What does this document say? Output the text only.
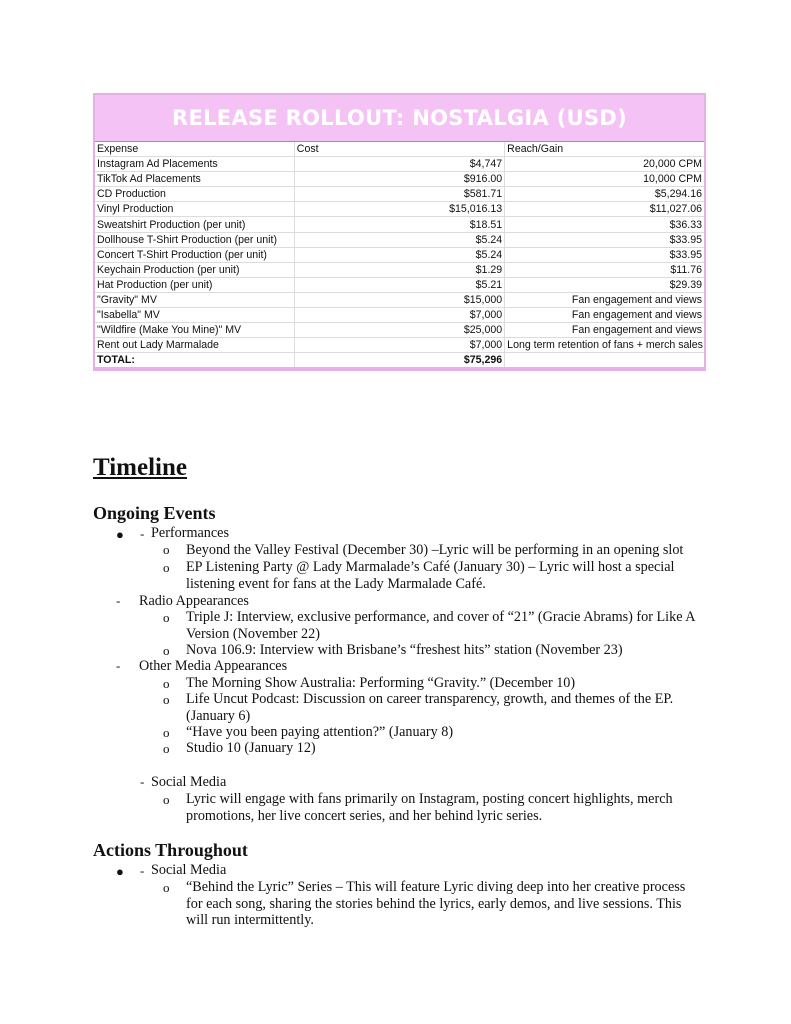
RELEASE ROLLOUT: NOSTALGIA (USD)
Expense	Cost	Reach/Gain
Instagram Ad Placements	$4,747	20,000 CPM
TikTok Ad Placements	$916.00	10,000 CPM
CD Production	$581.71	$5,294.16
Vinyl Production	$15,016.13	$11,027.06
Sweatshirt Production (per unit)	$18.51	$36.33
Dollhouse T-Shirt Production (per unit)	$5.24	$33.95
Concert T-Shirt Production (per unit)	$5.24	$33.95
Keychain Production (per unit)	$1.29	$11.76
Hat Production (per unit)	$5.21	$29.39
"Gravity" MV	$15,000	Fan engagement and views
"Isabella" MV	$7,000	Fan engagement and views
"Wildfire (Make You Mine)" MV	$25,000	Fan engagement and views
Rent out Lady Marmalade	$7,000	Long term retention of fans + merch sales
TOTAL:	$75,296	
Timeline
Ongoing Events
● - Performances
o Beyond the Valley Festival (December 30) –Lyric will be performing in an opening slot
o EP Listening Party @ Lady Marmalade’s Café (January 30) – Lyric will host a special listening event for fans at the Lady Marmalade Café.
- Radio Appearances
o Triple J: Interview, exclusive performance, and cover of “21” (Gracie Abrams) for Like A Version (November 22)
o Nova 106.9: Interview with Brisbane’s “freshest hits” station (November 23)
- Other Media Appearances
o The Morning Show Australia: Performing “Gravity.” (December 10)
o Life Uncut Podcast: Discussion on career transparency, growth, and themes of the EP. (January 6)
o “Have you been paying attention?” (January 8)
o Studio 10 (January 12)
- Social Media
o Lyric will engage with fans primarily on Instagram, posting concert highlights, merch promotions, her live concert series, and her behind lyric series.
Actions Throughout
● - Social Media
o “Behind the Lyric” Series – This will feature Lyric diving deep into her creative process for each song, sharing the stories behind the lyrics, early demos, and live sessions. This will run intermittently.
